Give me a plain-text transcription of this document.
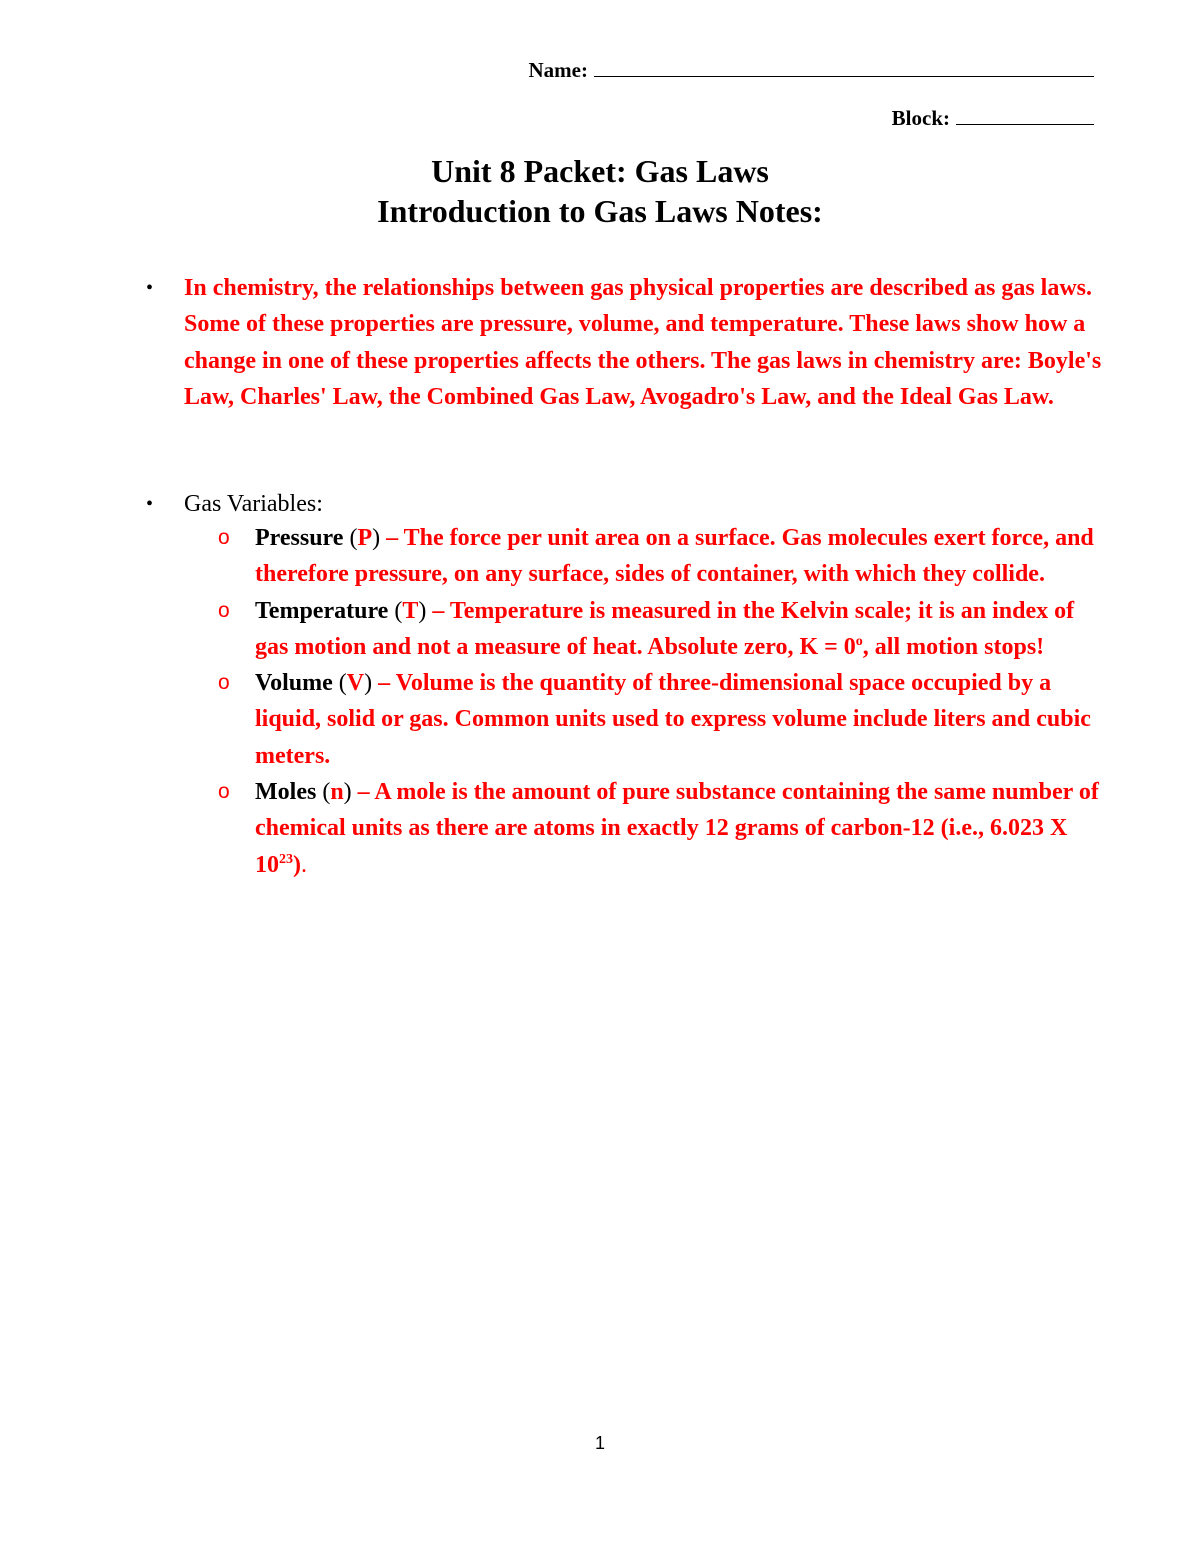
Name:
Block:
Unit 8 Packet: Gas Laws
Introduction to Gas Laws Notes:
• In chemistry, the relationships between gas physical properties are described as gas laws. Some of these properties are pressure, volume, and temperature. These laws show how a change in one of these properties affects the others. The gas laws in chemistry are: Boyle's Law, Charles' Law, the Combined Gas Law, Avogadro's Law, and the Ideal Gas Law.
• Gas Variables:
o Pressure (P) – The force per unit area on a surface. Gas molecules exert force, and therefore pressure, on any surface, sides of container, with which they collide.
o Temperature (T) – Temperature is measured in the Kelvin scale; it is an index of gas motion and not a measure of heat. Absolute zero, $K = 0^o$, all motion stops!
o Volume (V) – Volume is the quantity of three-dimensional space occupied by a liquid, solid or gas. Common units used to express volume include liters and cubic meters.
o Moles (n) – A mole is the amount of pure substance containing the same number of chemical units as there are atoms in exactly 12 grams of carbon-12 (i.e., 6.023 X $10^{23}$).
1
